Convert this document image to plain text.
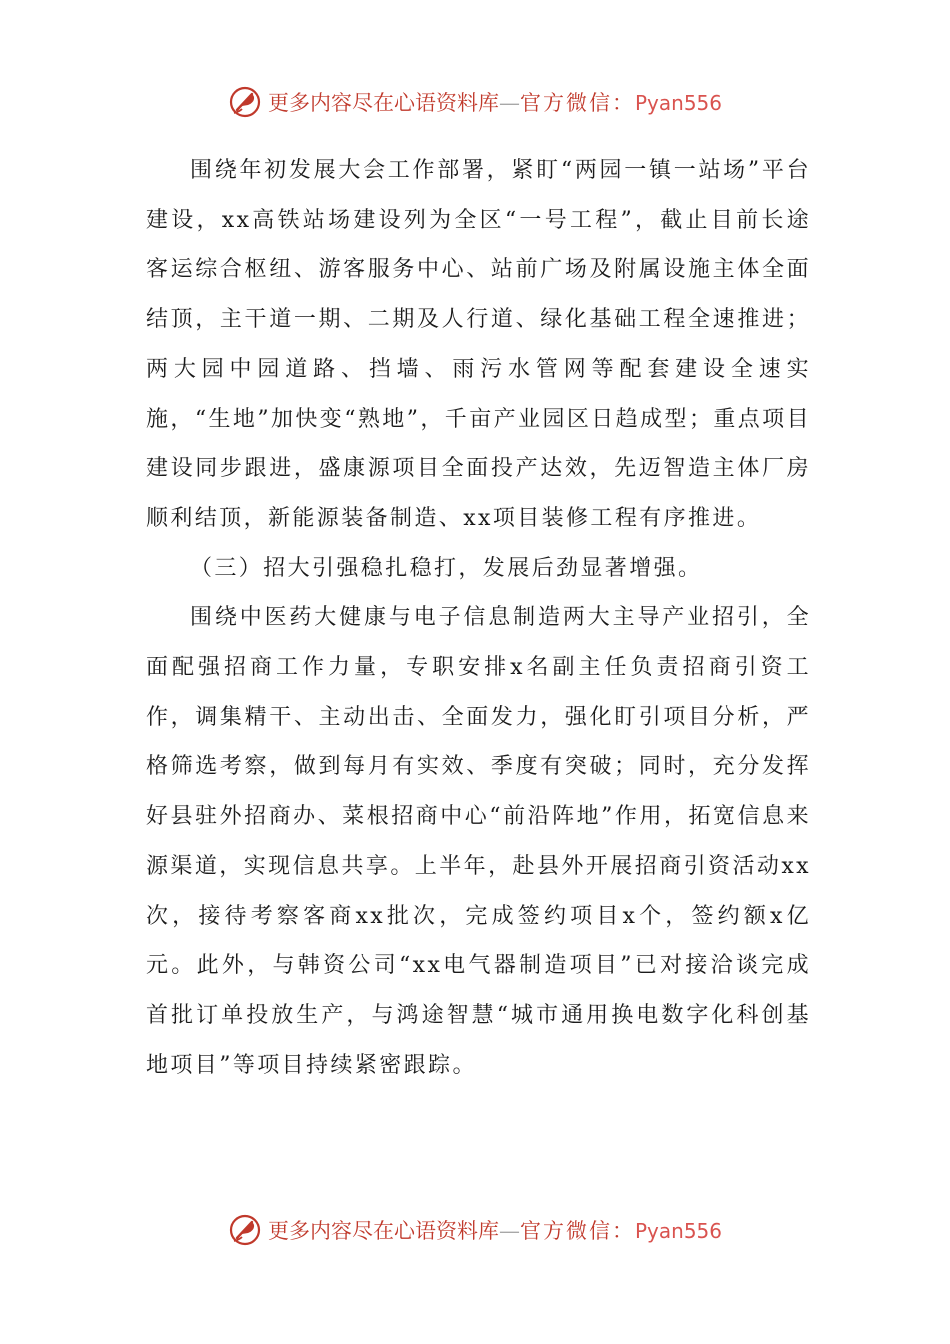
更多内容尽在心语资料库—官方微信：Pyan556

围绕年初发展大会工作部署，紧盯“两园一镇一站场”平台建设，xx高铁站场建设列为全区“一号工程”，截止目前长途客运综合枢纽、游客服务中心、站前广场及附属设施主体全面结顶，主干道一期、二期及人行道、绿化基础工程全速推进；两大园中园道路、挡墙、雨污水管网等配套建设全速实施，“生地”加快变“熟地”，千亩产业园区日趋成型；重点项目建设同步跟进，盛康源项目全面投产达效，先迈智造主体厂房顺利结顶，新能源装备制造、xx项目装修工程有序推进。

（三）招大引强稳扎稳打，发展后劲显著增强。

围绕中医药大健康与电子信息制造两大主导产业招引，全面配强招商工作力量，专职安排x名副主任负责招商引资工作，调集精干、主动出击、全面发力，强化盯引项目分析，严格筛选考察，做到每月有实效、季度有突破；同时，充分发挥好县驻外招商办、菜根招商中心“前沿阵地”作用，拓宽信息来源渠道，实现信息共享。上半年，赴县外开展招商引资活动xx次，接待考察客商xx批次，完成签约项目x个，签约额x亿元。此外，与韩资公司“xx电气器制造项目”已对接洽谈完成首批订单投放生产，与鸿途智慧“城市通用换电数字化科创基地项目”等项目持续紧密跟踪。

更多内容尽在心语资料库—官方微信：Pyan556
